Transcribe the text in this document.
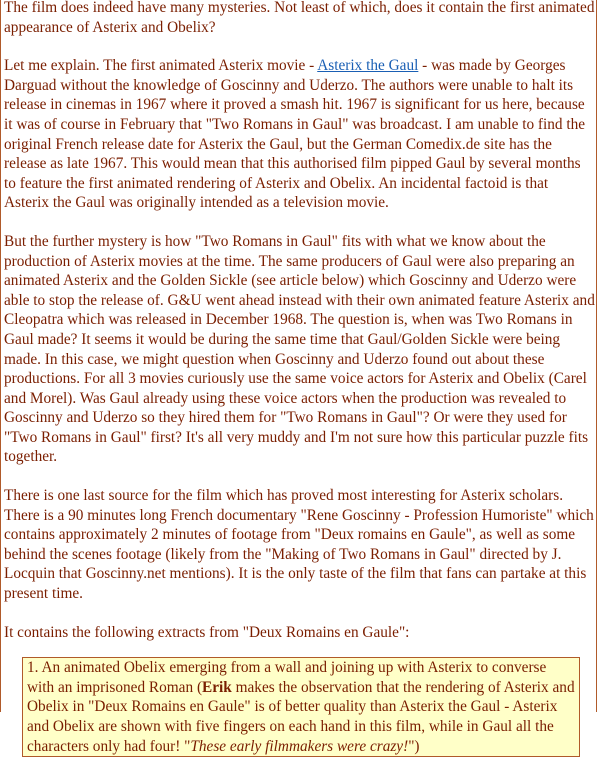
The film does indeed have many mysteries. Not least of which, does it contain the first animated appearance of Asterix and Obelix?

Let me explain. The first animated Asterix movie - Asterix the Gaul - was made by Georges Darguad without the knowledge of Goscinny and Uderzo. The authors were unable to halt its release in cinemas in 1967 where it proved a smash hit. 1967 is significant for us here, because it was of course in February that "Two Romans in Gaul" was broadcast. I am unable to find the original French release date for Asterix the Gaul, but the German Comedix.de site has the release as late 1967. This would mean that this authorised film pipped Gaul by several months to feature the first animated rendering of Asterix and Obelix. An incidental factoid is that Asterix the Gaul was originally intended as a television movie.

But the further mystery is how "Two Romans in Gaul" fits with what we know about the production of Asterix movies at the time. The same producers of Gaul were also preparing an animated Asterix and the Golden Sickle (see article below) which Goscinny and Uderzo were able to stop the release of. G&U went ahead instead with their own animated feature Asterix and Cleopatra which was released in December 1968. The question is, when was Two Romans in Gaul made? It seems it would be during the same time that Gaul/Golden Sickle were being made. In this case, we might question when Goscinny and Uderzo found out about these productions. For all 3 movies curiously use the same voice actors for Asterix and Obelix (Carel and Morel). Was Gaul already using these voice actors when the production was revealed to Goscinny and Uderzo so they hired them for "Two Romans in Gaul"? Or were they used for "Two Romans in Gaul" first? It's all very muddy and I'm not sure how this particular puzzle fits together.

There is one last source for the film which has proved most interesting for Asterix scholars. There is a 90 minutes long French documentary "Rene Goscinny - Profession Humoriste" which contains approximately 2 minutes of footage from "Deux romains en Gaule", as well as some behind the scenes footage (likely from the "Making of Two Romans in Gaul" directed by J. Locquin that Goscinny.net mentions). It is the only taste of the film that fans can partake at this present time.

It contains the following extracts from "Deux Romains en Gaule":

1. An animated Obelix emerging from a wall and joining up with Asterix to converse with an imprisoned Roman (Erik makes the observation that the rendering of Asterix and Obelix in "Deux Romains en Gaule" is of better quality than Asterix the Gaul - Asterix and Obelix are shown with five fingers on each hand in this film, while in Gaul all the characters only had four! "These early filmmakers were crazy!")
